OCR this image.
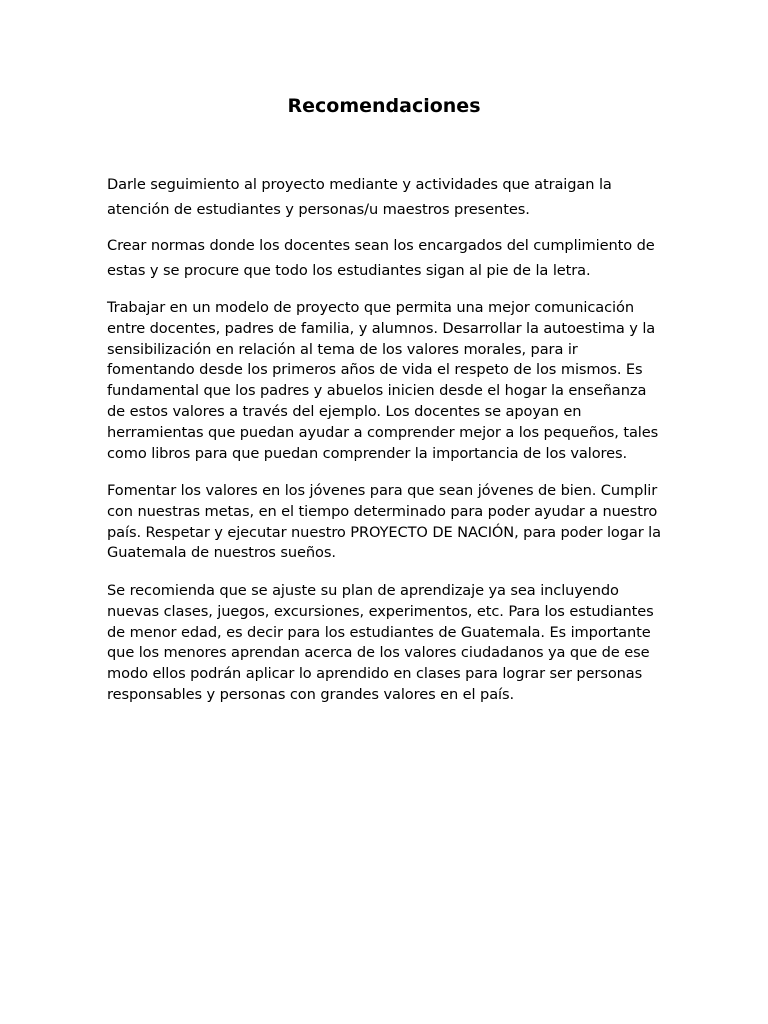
Recomendaciones

Darle seguimiento al proyecto mediante y actividades que atraigan la atención de estudiantes y personas/u maestros presentes.

Crear normas donde los docentes sean los encargados del cumplimiento de estas y se procure que todo los estudiantes sigan al pie de la letra.

Trabajar en un modelo de proyecto que permita una mejor comunicación entre docentes, padres de familia, y alumnos. Desarrollar la autoestima y la sensibilización en relación al tema de los valores morales, para ir fomentando desde los primeros años de vida el respeto de los mismos. Es fundamental que los padres y abuelos inicien desde el hogar la enseñanza de estos valores a través del ejemplo. Los docentes se apoyan en herramientas que puedan ayudar a comprender mejor a los pequeños, tales como libros para que puedan comprender la importancia de los valores.

Fomentar los valores en los jóvenes para que sean jóvenes de bien. Cumplir con nuestras metas, en el tiempo determinado para poder ayudar a nuestro país. Respetar y ejecutar nuestro PROYECTO DE NACIÓN, para poder logar la Guatemala de nuestros sueños.

Se recomienda que se ajuste su plan de aprendizaje ya sea incluyendo nuevas clases, juegos, excursiones, experimentos, etc. Para los estudiantes de menor edad, es decir para los estudiantes de Guatemala. Es importante que los menores aprendan acerca de los valores ciudadanos ya que de ese modo ellos podrán aplicar lo aprendido en clases para lograr ser personas responsables y personas con grandes valores en el país.
